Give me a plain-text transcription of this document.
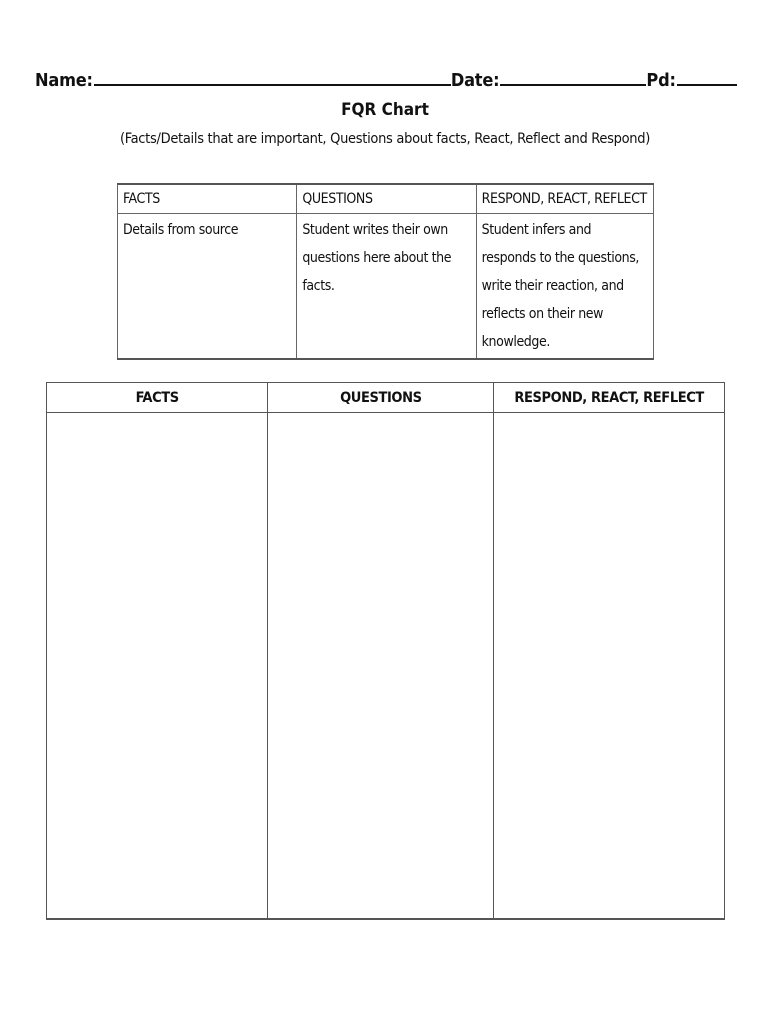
Name:	Date:	Pd:
FQR Chart
(Facts/Details that are important, Questions about facts, React, Reflect and Respond)
FACTS	QUESTIONS	RESPOND, REACT, REFLECT
Details from source	Student writes their own questions here about the facts.	Student infers and responds to the questions, write their reaction, and reflects on their new knowledge.
FACTS	QUESTIONS	RESPOND, REACT, REFLECT
